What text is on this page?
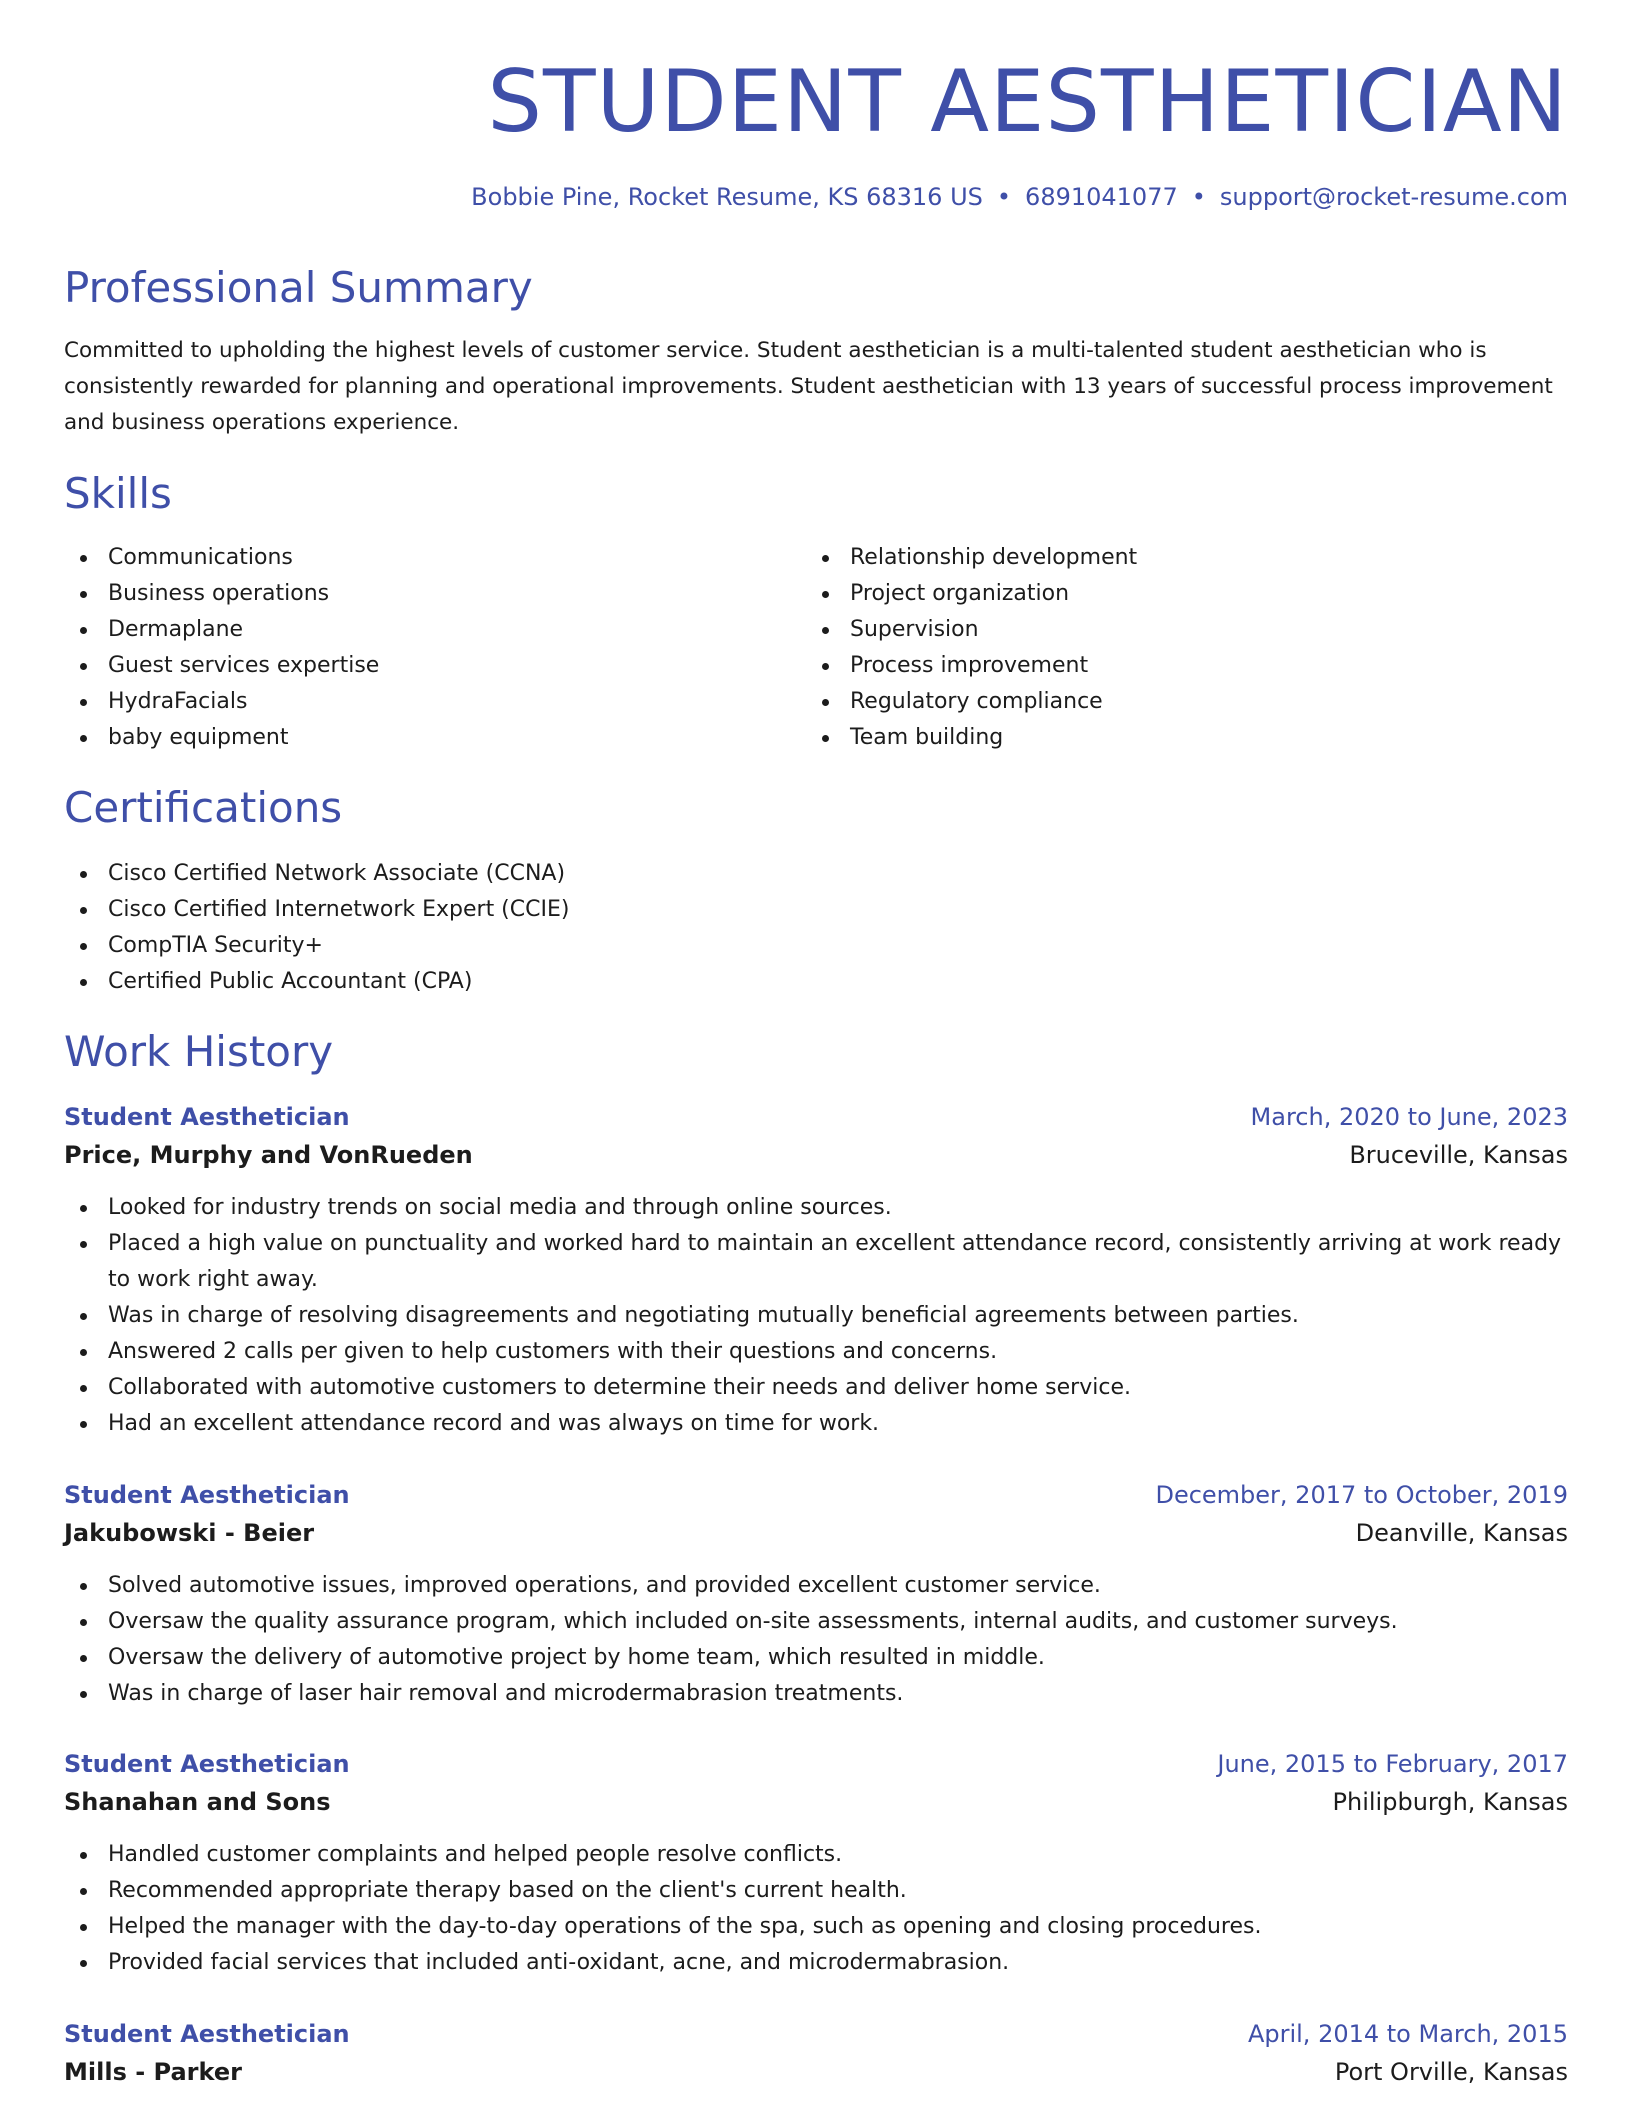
STUDENT AESTHETICIAN
Bobbie Pine, Rocket Resume, KS 68316 US • 6891041077 • support@rocket-resume.com
Professional Summary

Committed to upholding the highest levels of customer service. Student aesthetician is a multi-talented student aesthetician who is consistently rewarded for planning and operational improvements. Student aesthetician with 13 years of successful process improvement and business operations experience.

Skills
Communications
Business operations
Dermaplane
Guest services expertise
HydraFacials
baby equipment
Relationship development
Project organization
Supervision
Process improvement
Regulatory compliance
Team building
Certifications
Cisco Certified Network Associate (CCNA)
Cisco Certified Internetwork Expert (CCIE)
CompTIA Security+
Certified Public Accountant (CPA)
Work History
Student Aesthetician	March, 2020 to June, 2023
Price, Murphy and VonRueden	Bruceville, Kansas
Looked for industry trends on social media and through online sources.
Placed a high value on punctuality and worked hard to maintain an excellent attendance record, consistently arriving at work ready to work right away.
Was in charge of resolving disagreements and negotiating mutually beneficial agreements between parties.
Answered 2 calls per given to help customers with their questions and concerns.
Collaborated with automotive customers to determine their needs and deliver home service.
Had an excellent attendance record and was always on time for work.
Student Aesthetician	December, 2017 to October, 2019
Jakubowski - Beier	Deanville, Kansas
Solved automotive issues, improved operations, and provided excellent customer service.
Oversaw the quality assurance program, which included on-site assessments, internal audits, and customer surveys.
Oversaw the delivery of automotive project by home team, which resulted in middle.
Was in charge of laser hair removal and microdermabrasion treatments.
Student Aesthetician	June, 2015 to February, 2017
Shanahan and Sons	Philipburgh, Kansas
Handled customer complaints and helped people resolve conflicts.
Recommended appropriate therapy based on the client's current health.
Helped the manager with the day-to-day operations of the spa, such as opening and closing procedures.
Provided facial services that included anti-oxidant, acne, and microdermabrasion.
Student Aesthetician	April, 2014 to March, 2015
Mills - Parker	Port Orville, Kansas
